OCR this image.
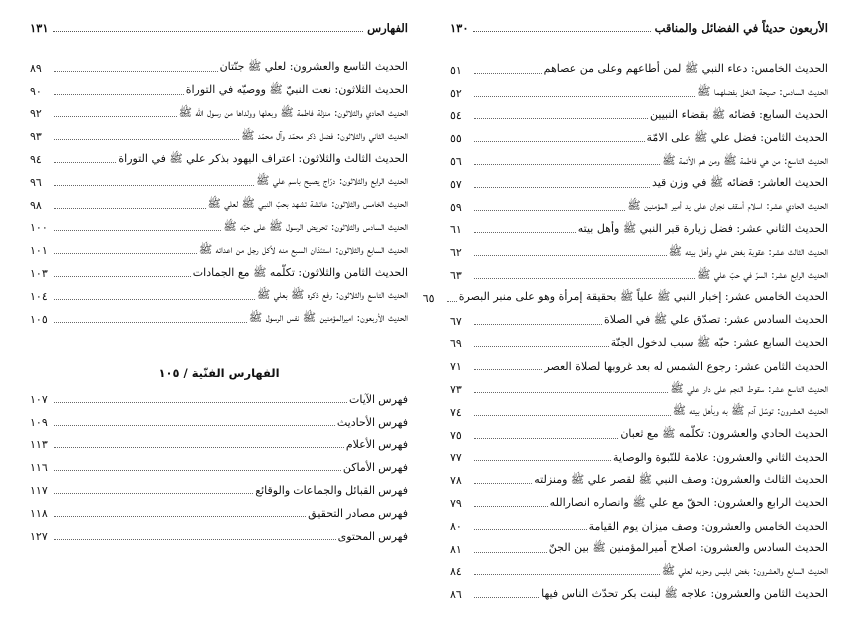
الفهارس
١٣١
الحديث التاسع والعشرون: لعلي ﷺ جنّتان
٨٩
الحديث الثلاثون: نعت النبيّ ﷺ ووصيّه في التوراة
٩٠
الحديث الحادي والثلاثون: منزلة فاطمة ﷺ وبعلها وولداها من رسول الله ﷺ
٩٢
الحديث الثاني والثلاثون: فضل ذكر محمّد وآل محمّد ﷺ
٩٣
الحديث الثالث والثلاثون: اعتراف اليهود بذكر علي ﷺ في التوراة
٩٤
الحديث الرابع والثلاثون: درّاج يصيح باسم علي ﷺ
٩٦
الحديث الخامس والثلاثون: عائشة تشهد بحبّ النبي ﷺ لعلي ﷺ
٩٨
الحديث السادس والثلاثون: تحريض الرسول ﷺ على حبّه ﷺ
١٠٠
الحديث السابع والثلاثون: استئذان السبع منه لأكل رجل من اعدائه ﷺ
١٠١
الحديث الثامن والثلاثون: تكلّمه ﷺ مع الجمادات
١٠٣
الحديث التاسع والثلاثون: رفع ذكره ﷺ بعلي ﷺ
١٠٤
الحديث الأربعون: اميرالمؤمنين ﷺ نفس الرسول ﷺ
١٠٥
الفهارس الفنّية / ١٠٥
فهرس الآيات
١٠٧
فهرس الأحاديث
١٠٩
فهرس الأعلام
١١٣
فهرس الأماكن
١١٦
فهرس القبائل والجماعات والوقائع
١١٧
فهرس مصادر التحقيق
١١٨
فهرس المحتوى
١٢٧
الأربعون حديثاً في الفضائل والمناقب
١٣٠
الحديث الخامس: دعاء النبي ﷺ لمن أطاعهم وعلى من عصاهم
٥١
الحديث السادس: صيحة النخل بفضلهما ﷺ
٥٢
الحديث السابع: قضائه ﷺ بقضاء النبيين
٥٤
الحديث الثامن: فضل علي ﷺ على الامّة
٥٥
الحديث التاسع: من هي فاطمة ﷺ ومن هم الأئمة ﷺ
٥٦
الحديث العاشر: قضائه ﷺ في وزن قيد
٥٧
الحديث الحادي عشر: اسلام أسقف نجران على يد أمير المؤمنين ﷺ
٥٩
الحديث الثاني عشر: فضل زيارة قبر النبي ﷺ وأهل بيته
٦١
الحديث الثالث عشر: عقوبة بغض علي وأهل بيته ﷺ
٦٢
الحديث الرابع عشر: السرّ في حبّ علي ﷺ
٦٣
الحديث الخامس عشر: إخبار النبي ﷺ علياً ﷺ بحقيقة إمرأة وهو على منبر البصرة
٦٥
الحديث السادس عشر: تصدّق علي ﷺ في الصلاة
٦٧
الحديث السابع عشر: حبّه ﷺ سبب لدخول الجنّة
٦٩
الحديث الثامن عشر: رجوع الشمس له بعد غروبها لصلاة العصر
٧١
الحديث التاسع عشر: سقوط النجم على دار علي ﷺ
٧٣
الحديث العشرون: توسّل آدم ﷺ به وبأهل بيته ﷺ
٧٤
الحديث الحادي والعشرون: تكلّمه ﷺ مع ثعبان
٧٥
الحديث الثاني والعشرون: علامة للنّبوة والوصاية
٧٧
الحديث الثالث والعشرون: وصف النبي ﷺ لقصر علي ﷺ ومنزلته
٧٨
الحديث الرابع والعشرون: الحقّ مع علي ﷺ وانصاره انصارالله
٧٩
الحديث الخامس والعشرون: وصف ميزان يوم القيامة
٨٠
الحديث السادس والعشرون: اصلاح أميرالمؤمنين ﷺ بين الجنّ
٨١
الحديث السابع والعشرون: بغض ابليس وحزبه لعلي ﷺ
٨٤
الحديث الثامن والعشرون: علاجه ﷺ لبنت بكر تحدّث الناس فيها
٨٦
